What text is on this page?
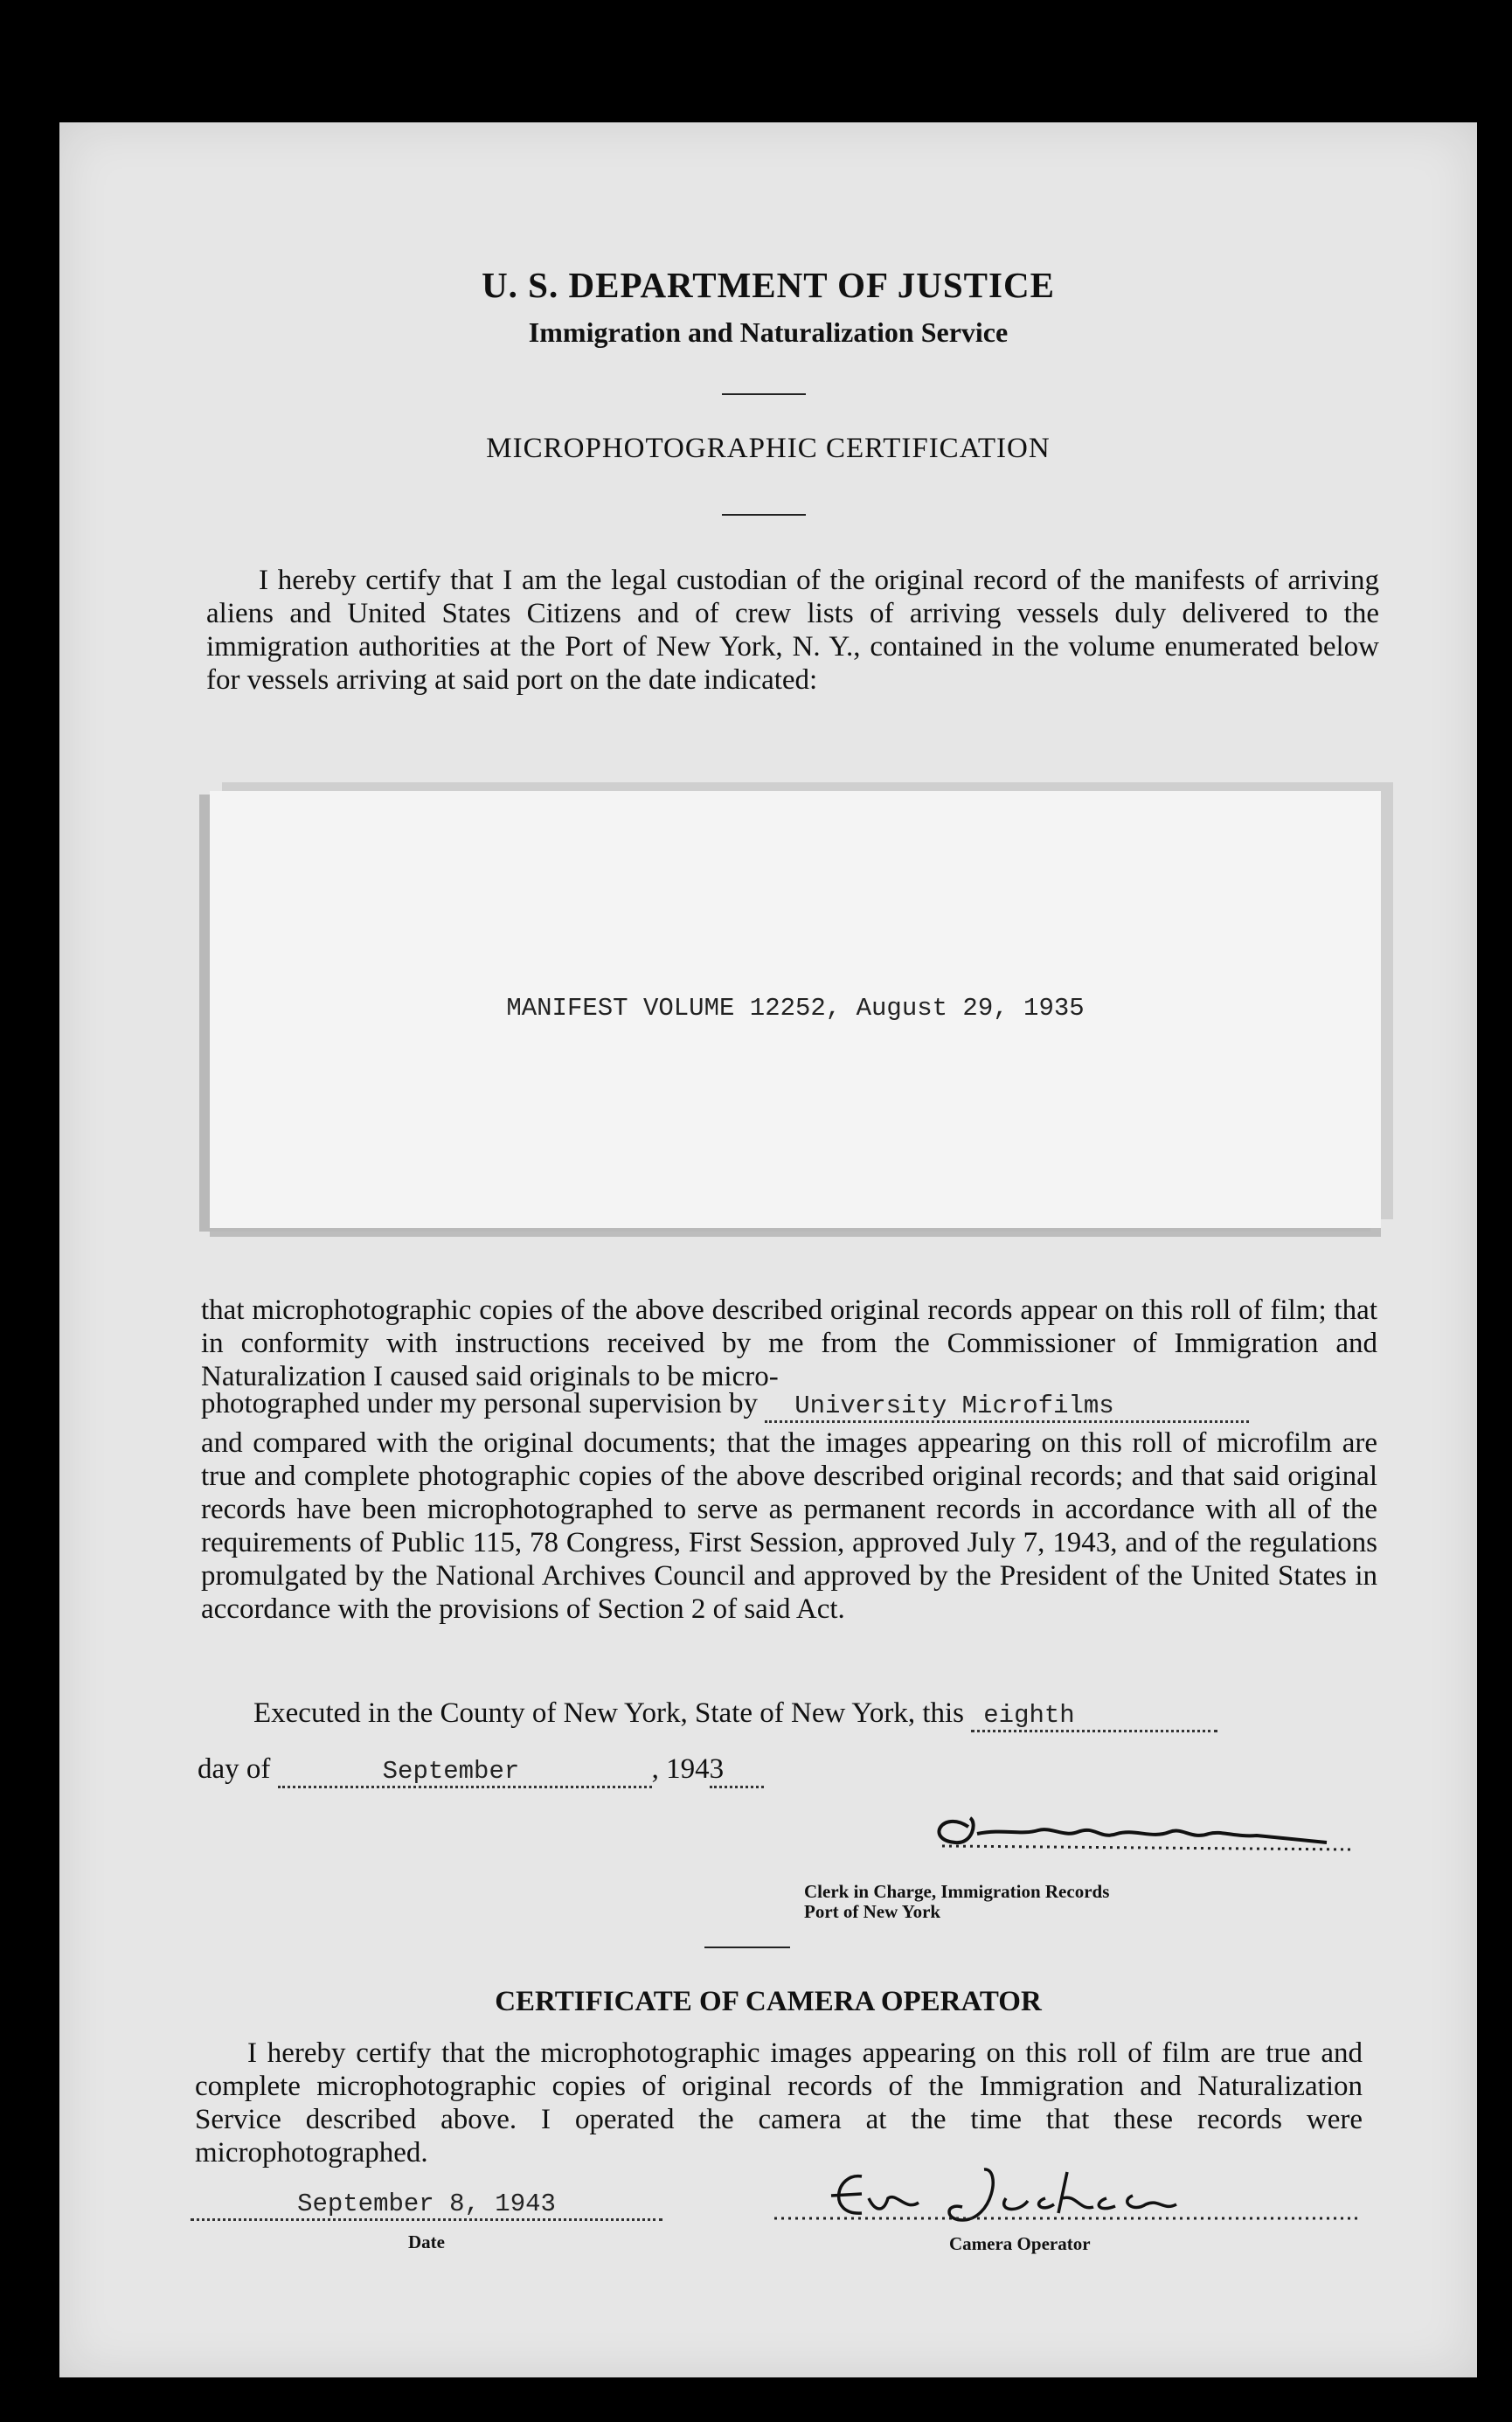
U. S. DEPARTMENT OF JUSTICE
Immigration and Naturalization Service
MICROPHOTOGRAPHIC CERTIFICATION
I hereby certify that I am the legal custodian of the original record of the manifests of arriving aliens and United States Citizens and of crew lists of arriving vessels duly delivered to the immigration authorities at the Port of New York, N. Y., contained in the volume enumerated below for vessels arriving at said port on the date indicated:
MANIFEST VOLUME 12252, August 29, 1935
that microphotographic copies of the above described original records appear on this roll of film; that in conformity with instructions received by me from the Commissioner of Immigration and Naturalization I caused said originals to be micro-
photographed under my personal supervision by University Microfilms
and compared with the original documents; that the images appearing on this roll of microfilm are true and complete photographic copies of the above described original records; and that said original records have been microphotographed to serve as permanent records in accordance with all of the requirements of Public 115, 78 Congress, First Session, approved July 7, 1943, and of the regulations promulgated by the National Archives Council and approved by the President of the United States in accordance with the provisions of Section 2 of said Act.
Executed in the County of New York, State of New York, this eighth
day of	September	, 1943
Clerk in Charge, Immigration Records
Port of New York
CERTIFICATE OF CAMERA OPERATOR
I hereby certify that the microphotographic images appearing on this roll of film are true and complete microphotographic copies of original records of the Immigration and Naturalization Service described above. I operated the camera at the time that these records were microphotographed.
September 8, 1943
Date	Camera Operator
